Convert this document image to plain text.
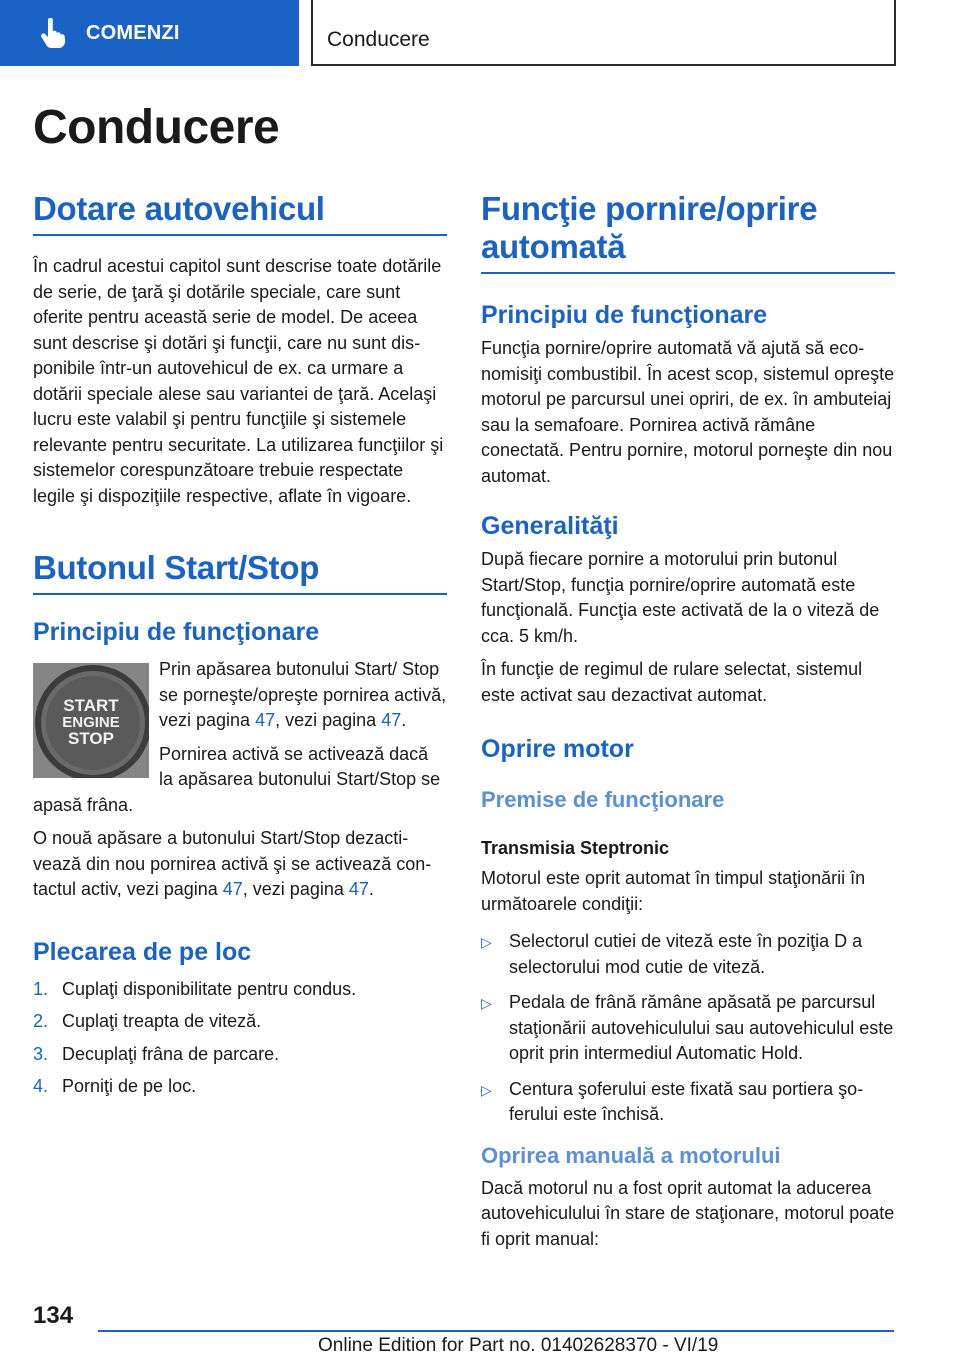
COMENZI	Conducere
Conducere
Dotare autovehicul
În cadrul acestui capitol sunt descrise toate dotările de serie, de ţară şi dotările speciale, care sunt oferite pentru această serie de model. De aceea sunt descrise şi dotări şi funcţii, care nu sunt disponibile într-un autovehicul de ex. ca urmare a dotării speciale alese sau variantei de ţară. Acelaşi lucru este valabil şi pentru funcţiile şi sistemele relevante pentru securitate. La utilizarea funcţiilor şi sistemelor corespunzătoare trebuie respectate legile şi dispoziţiile respective, aflate în vigoare.
Butonul Start/Stop
Principiu de funcţionare
START
ENGINE
STOP
Prin apăsarea butonului Start/ Stop se porneşte/opreşte pornirea activă, vezi pagina 47, vezi pagina 47.
Pornirea activă se activează dacă la apăsarea butonului Start/Stop se apasă frâna.
O nouă apăsare a butonului Start/Stop dezactivează din nou pornirea activă şi se activează contactul activ, vezi pagina 47, vezi pagina 47.
Plecarea de pe loc
1. Cuplaţi disponibilitate pentru condus.
2. Cuplaţi treapta de viteză.
3. Decuplaţi frâna de parcare.
4. Porniţi de pe loc.
Funcţie pornire/oprire automată
Principiu de funcţionare
Funcţia pornire/oprire automată vă ajută să economisiţi combustibil. În acest scop, sistemul opreşte motorul pe parcursul unei opriri, de ex. în ambuteiaj sau la semafoare. Pornirea activă rămâne conectată. Pentru pornire, motorul porneşte din nou automat.
Generalităţi
După fiecare pornire a motorului prin butonul Start/Stop, funcţia pornire/oprire automată este funcţională. Funcţia este activată de la o viteză de cca. 5 km/h.
În funcţie de regimul de rulare selectat, sistemul este activat sau dezactivat automat.
Oprire motor
Premise de funcţionare
Transmisia Steptronic
Motorul este oprit automat în timpul staţionării în următoarele condiţii:
▷ Selectorul cutiei de viteză este în poziţia D a selectorului mod cutie de viteză.
▷ Pedala de frână rămâne apăsată pe parcursul staţionării autovehiculului sau autovehiculul este oprit prin intermediul Automatic Hold.
▷ Centura şoferului este fixată sau portiera şoferului este închisă.
Oprirea manuală a motorului
Dacă motorul nu a fost oprit automat la aducerea autovehiculului în stare de staţionare, motorul poate fi oprit manual:
134
Online Edition for Part no. 01402628370 - VI/19
